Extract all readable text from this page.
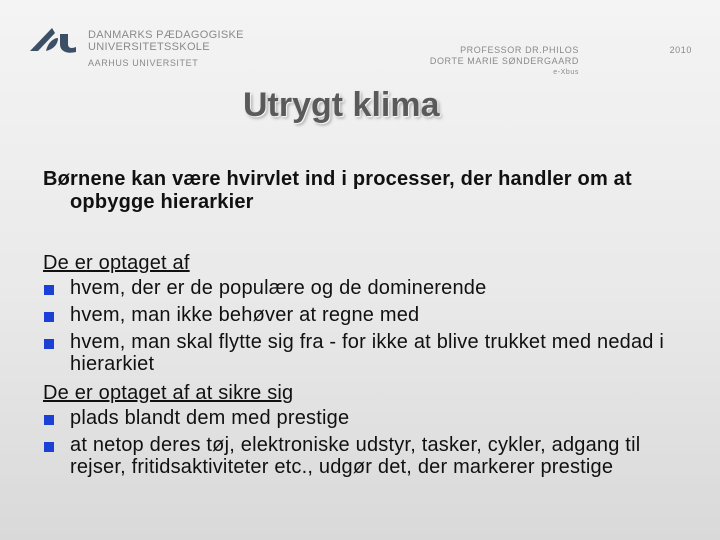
DANMARKS PÆDAGOGISKE
UNIVERSITETSSKOLE
AARHUS UNIVERSITET
PROFESSOR DR.PHILOS
DORTE MARIE SØNDERGAARD
e-Xbus
2010
Utrygt klima

Børnene kan være hvirvlet ind i processer, der handler om at opbygge hierarkier

De er optaget af
hvem, der er de populære og de dominerende
hvem, man ikke behøver at regne med
hvem, man skal flytte sig fra - for ikke at blive trukket med nedad i hierarkiet
De er optaget af at sikre sig
plads blandt dem med prestige
at netop deres tøj, elektroniske udstyr, tasker, cykler, adgang til rejser, fritidsaktiviteter etc., udgør det, der markerer prestige
